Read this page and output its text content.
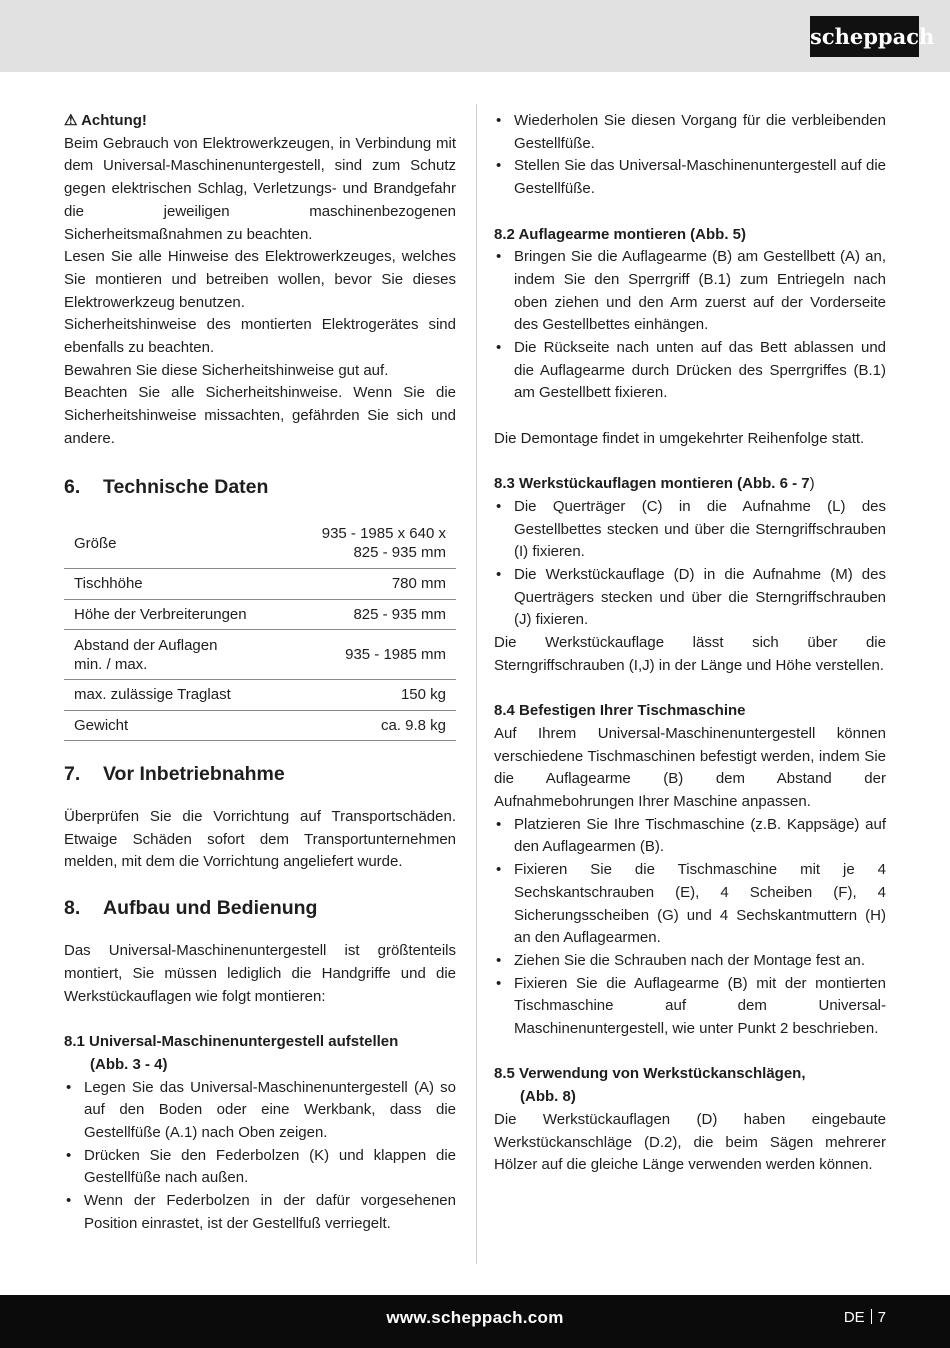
scheppach
⚠ Achtung!

Beim Gebrauch von Elektrowerkzeugen, in Verbindung mit dem Universal-Maschinenuntergestell, sind zum Schutz gegen elektrischen Schlag, Verletzungs- und Brandgefahr die jeweiligen maschinenbezogenen Sicherheitsmaßnahmen zu beachten.

Lesen Sie alle Hinweise des Elektrowerkzeuges, welches Sie montieren und betreiben wollen, bevor Sie dieses Elektrowerkzeug benutzen.

Sicherheitshinweise des montierten Elektrogerätes sind ebenfalls zu beachten.

Bewahren Sie diese Sicherheitshinweise gut auf.

Beachten Sie alle Sicherheitshinweise. Wenn Sie die Sicherheitshinweise missachten, gefährden Sie sich und andere.

6. Technische Daten
Größe	935 - 1985 x 640 x
825 - 935 mm

Tischhöhe	780 mm
Höhe der Verbreiterungen	825 - 935 mm

Abstand der Auflagen
min. / max.	935 - 1985 mm
max. zulässige Traglast	150 kg
Gewicht	ca. 9.8 kg
7. Vor Inbetriebnahme

Überprüfen Sie die Vorrichtung auf Transportschäden. Etwaige Schäden sofort dem Transportunternehmen melden, mit dem die Vorrichtung angeliefert wurde.

8. Aufbau und Bedienung

Das Universal-Maschinenuntergestell ist größtenteils montiert, Sie müssen lediglich die Handgriffe und die Werkstückauflagen wie folgt montieren:

8.1 Universal-Maschinenuntergestell aufstellen
(Abb. 3 - 4)
• Legen Sie das Universal-Maschinenuntergestell (A) so auf den Boden oder eine Werkbank, dass die Gestellfüße (A.1) nach Oben zeigen.
• Drücken Sie den Federbolzen (K) und klappen die Gestellfüße nach außen.
• Wenn der Federbolzen in der dafür vorgesehenen Position einrastet, ist der Gestellfuß verriegelt.
• Wiederholen Sie diesen Vorgang für die verbleibenden Gestellfüße.
• Stellen Sie das Universal-Maschinenuntergestell auf die Gestellfüße.
8.2 Auflagearme montieren (Abb. 5)
• Bringen Sie die Auflagearme (B) am Gestellbett (A) an, indem Sie den Sperrgriff (B.1) zum Entriegeln nach oben ziehen und den Arm zuerst auf der Vorderseite des Gestellbettes einhängen.
• Die Rückseite nach unten auf das Bett ablassen und die Auflagearme durch Drücken des Sperrgriffes (B.1) am Gestellbett fixieren.

Die Demontage findet in umgekehrter Reihenfolge statt.

8.3 Werkstückauflagen montieren (Abb. 6 - 7)
• Die Querträger (C) in die Aufnahme (L) des Gestellbettes stecken und über die Sterngriffschrauben (I) fixieren.
• Die Werkstückauflage (D) in die Aufnahme (M) des Querträgers stecken und über die Sterngriffschrauben (J) fixieren.

Die Werkstückauflage lässt sich über die Sterngriffschrauben (I,J) in der Länge und Höhe verstellen.

8.4 Befestigen Ihrer Tischmaschine

Auf Ihrem Universal-Maschinenuntergestell können verschiedene Tischmaschinen befestigt werden, indem Sie die Auflagearme (B) dem Abstand der Aufnahmebohrungen Ihrer Maschine anpassen.

• Platzieren Sie Ihre Tischmaschine (z.B. Kappsäge) auf den Auflagearmen (B).
• Fixieren Sie die Tischmaschine mit je 4 Sechskantschrauben (E), 4 Scheiben (F), 4 Sicherungsscheiben (G) und 4 Sechskantmuttern (H) an den Auflagearmen.
• Ziehen Sie die Schrauben nach der Montage fest an.
• Fixieren Sie die Auflagearme (B) mit der montierten Tischmaschine auf dem Universal-Maschinenuntergestell, wie unter Punkt 2 beschrieben.
8.5 Verwendung von Werkstückanschlägen,
(Abb. 8)

Die Werkstückauflagen (D) haben eingebaute Werkstückanschläge (D.2), die beim Sägen mehrerer Hölzer auf die gleiche Länge verwenden werden können.

www.scheppach.com	DE 7
